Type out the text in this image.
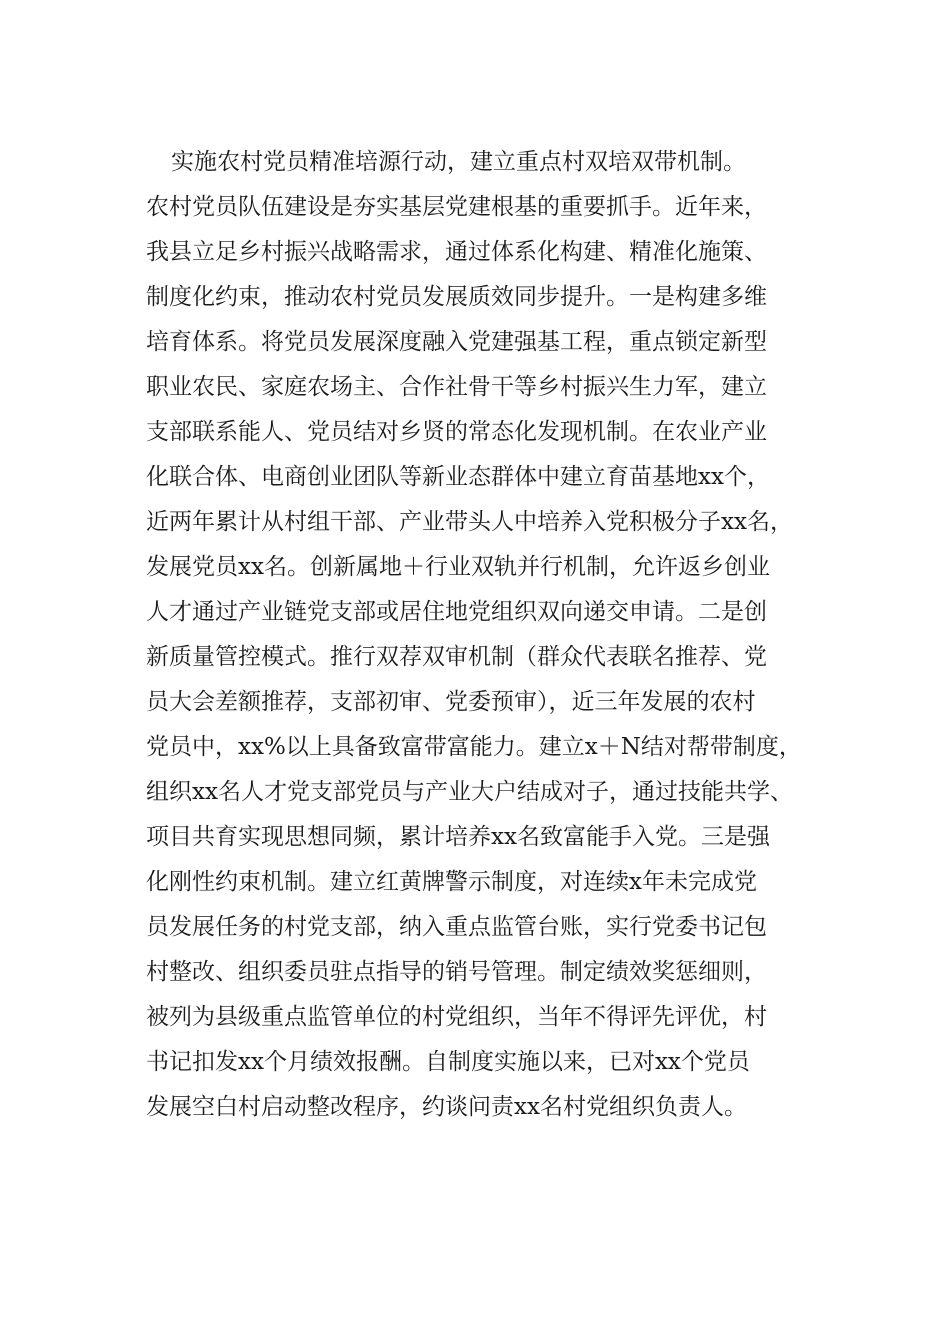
实施农村党员精准培源行动，建立重点村双培双带机制。
农村党员队伍建设是夯实基层党建根基的重要抓手。近年来，
我县立足乡村振兴战略需求，通过体系化构建、精准化施策、
制度化约束，推动农村党员发展质效同步提升。一是构建多维
培育体系。将党员发展深度融入党建强基工程，重点锁定新型
职业农民、家庭农场主、合作社骨干等乡村振兴生力军，建立
支部联系能人、党员结对乡贤的常态化发现机制。在农业产业
化联合体、电商创业团队等新业态群体中建立育苗基地xx个，
近两年累计从村组干部、产业带头人中培养入党积极分子xx名，
发展党员xx名。创新属地＋行业双轨并行机制，允许返乡创业
人才通过产业链党支部或居住地党组织双向递交申请。二是创
新质量管控模式。推行双荐双审机制（群众代表联名推荐、党
员大会差额推荐，支部初审、党委预审），近三年发展的农村
党员中，xx%以上具备致富带富能力。建立x＋N结对帮带制度，
组织xx名人才党支部党员与产业大户结成对子，通过技能共学、
项目共育实现思想同频，累计培养xx名致富能手入党。三是强
化刚性约束机制。建立红黄牌警示制度，对连续x年未完成党
员发展任务的村党支部，纳入重点监管台账，实行党委书记包
村整改、组织委员驻点指导的销号管理。制定绩效奖惩细则，
被列为县级重点监管单位的村党组织，当年不得评先评优，村
书记扣发xx个月绩效报酬。自制度实施以来，已对xx个党员
发展空白村启动整改程序，约谈问责xx名村党组织负责人。
